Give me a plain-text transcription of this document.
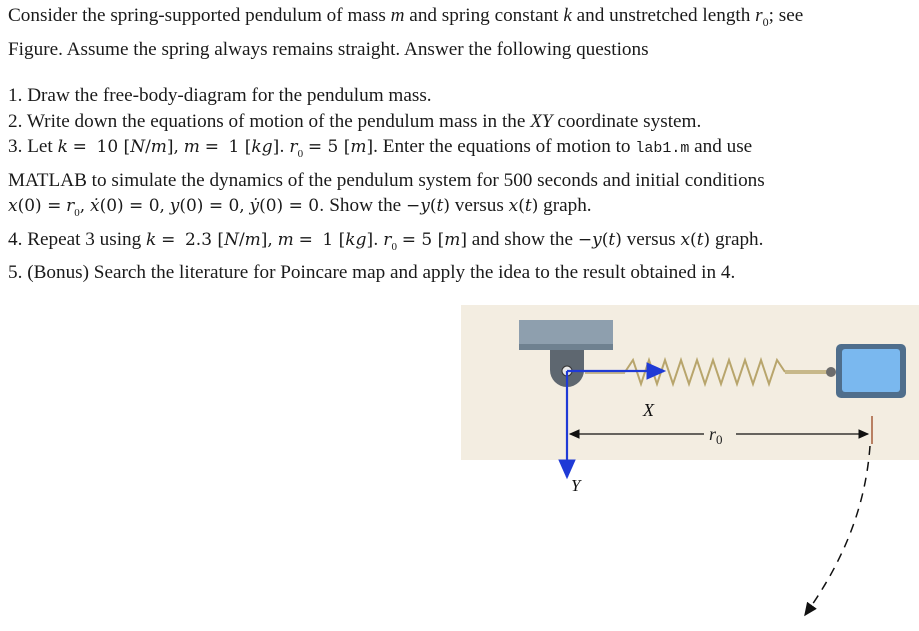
Consider the spring-supported pendulum of mass m and spring constant k and unstretched length $r_0$; see
Figure. Assume the spring always remains straight. Answer the following questions
1. Draw the free-body-diagram for the pendulum mass.
2. Write down the equations of motion of the pendulum mass in the XY coordinate system.
3. Let k = 10 [N/m], m = 1 [kg]. $r_0 = 5$ [m]. Enter the equations of motion to lab1.m and use
MATLAB to simulate the dynamics of the pendulum system for 500 seconds and initial conditions
$x(0) = r_0$, ẋ(0) = 0, y(0) = 0, ẏ(0) = 0. Show the −y(t) versus x(t) graph.
4. Repeat 3 using k = 2.3 [N/m], m = 1 [kg]. $r_0 = 5$ [m] and show the −y(t) versus x(t) graph.
5. (Bonus) Search the literature for Poincare map and apply the idea to the result obtained in 4.
X
Y
$r_0$
